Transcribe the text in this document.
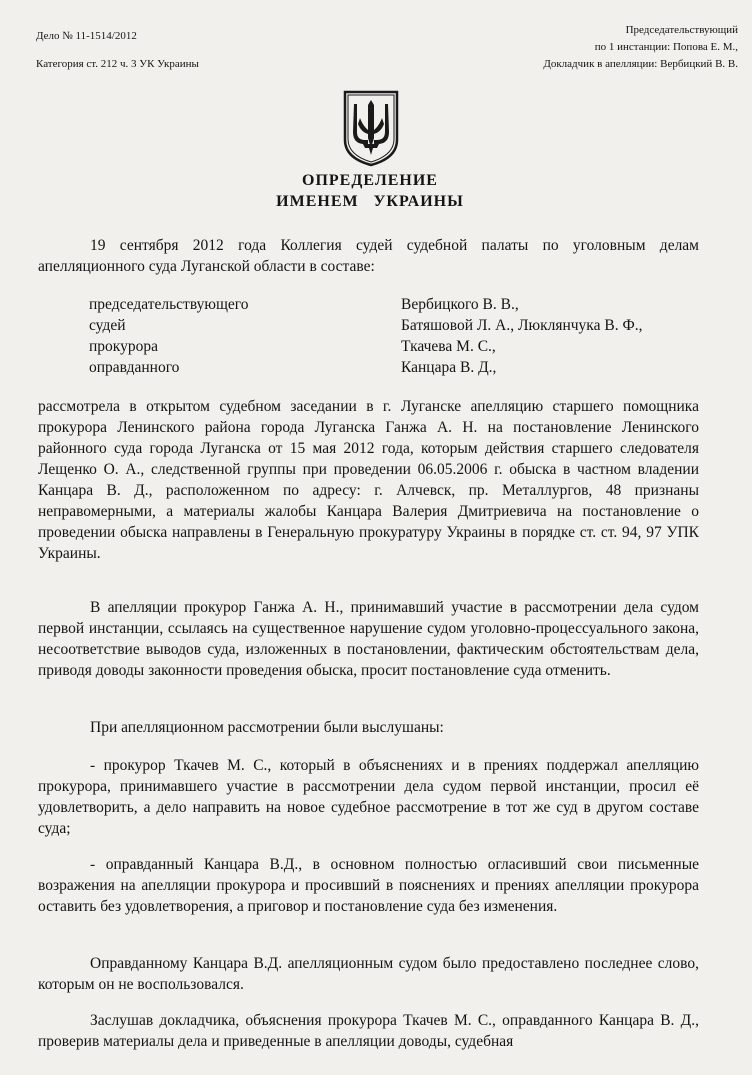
Дело № 11-1514/2012
Категория ст. 212 ч. 3 УК Украины
Председательствующий
по 1 инстанции: Попова Е. М.,
Докладчик в апелляции: Вербицкий В. В.
ОПРЕДЕЛЕНИЕ
ИМЕНЕМ УКРАИНЫ

19 сентября 2012 года Коллегия судей судебной палаты по уголовным делам апелляционного суда Луганской области в составе:

председательствующего	Вербицкого В. В.,
судей	Батяшовой Л. А., Люклянчука В. Ф.,
прокурора	Ткачева М. С.,
оправданного	Канцара В. Д.,

рассмотрела в открытом судебном заседании в г. Луганске апелляцию старшего помощника прокурора Ленинского района города Луганска Ганжа А. Н. на постановление Ленинского районного суда города Луганска от 15 мая 2012 года, которым действия старшего следователя Лещенко О. А., следственной группы при проведении 06.05.2006 г. обыска в частном владении Канцара В. Д., расположенном по адресу: г. Алчевск, пр. Металлургов, 48 признаны неправомерными, а материалы жалобы Канцара Валерия Дмитриевича на постановление о проведении обыска направлены в Генеральную прокуратуру Украины в порядке ст. ст. 94, 97 УПК Украины.

В апелляции прокурор Ганжа А. Н., принимавший участие в рассмотрении дела судом первой инстанции, ссылаясь на существенное нарушение судом уголовно-процессуального закона, несоответствие выводов суда, изложенных в постановлении, фактическим обстоятельствам дела, приводя доводы законности проведения обыска, просит постановление суда отменить.

При апелляционном рассмотрении были выслушаны:

- прокурор Ткачев М. С., который в объяснениях и в прениях поддержал апелляцию прокурора, принимавшего участие в рассмотрении дела судом первой инстанции, просил её удовлетворить, а дело направить на новое судебное рассмотрение в тот же суд в другом составе суда;

- оправданный Канцара В.Д., в основном полностью огласивший свои письменные возражения на апелляции прокурора и просивший в пояснениях и прениях апелляции прокурора оставить без удовлетворения, а приговор и постановление суда без изменения.

Оправданному Канцара В.Д. апелляционным судом было предоставлено последнее слово, которым он не воспользовался.

Заслушав докладчика, объяснения прокурора Ткачев М. С., оправданного Канцара В. Д., проверив материалы дела и приведенные в апелляции доводы, судебная
